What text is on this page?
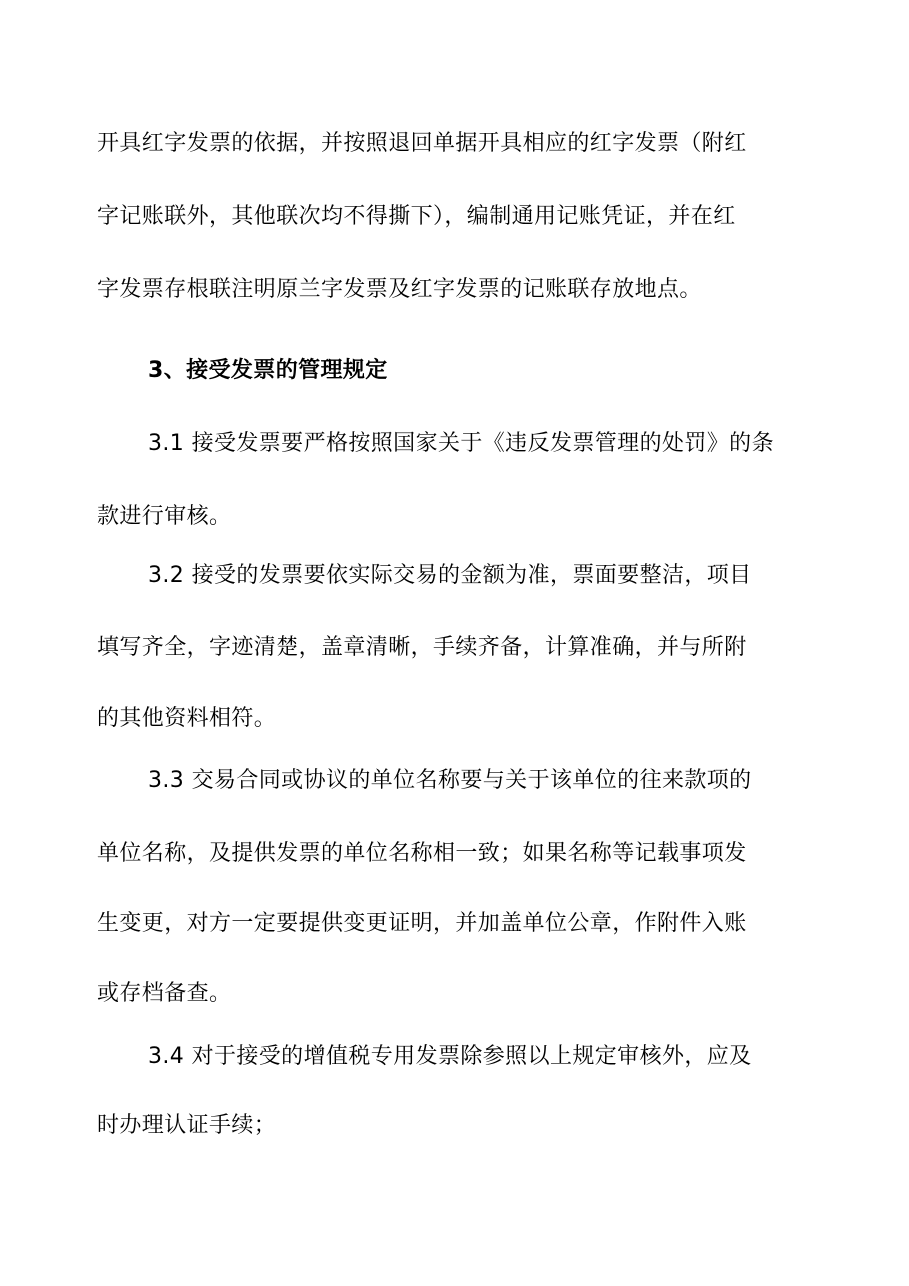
开具红字发票的依据，并按照退回单据开具相应的红字发票（附红
字记账联外，其他联次均不得撕下），编制通用记账凭证，并在红
字发票存根联注明原兰字发票及红字发票的记账联存放地点。
3、接受发票的管理规定
3.1 接受发票要严格按照国家关于《违反发票管理的处罚》的条
款进行审核。
3.2 接受的发票要依实际交易的金额为准，票面要整洁，项目
填写齐全，字迹清楚，盖章清晰，手续齐备，计算准确，并与所附
的其他资料相符。
3.3 交易合同或协议的单位名称要与关于该单位的往来款项的
单位名称，及提供发票的单位名称相一致；如果名称等记载事项发
生变更，对方一定要提供变更证明，并加盖单位公章，作附件入账
或存档备查。
3.4 对于接受的增值税专用发票除参照以上规定审核外，应及
时办理认证手续；
